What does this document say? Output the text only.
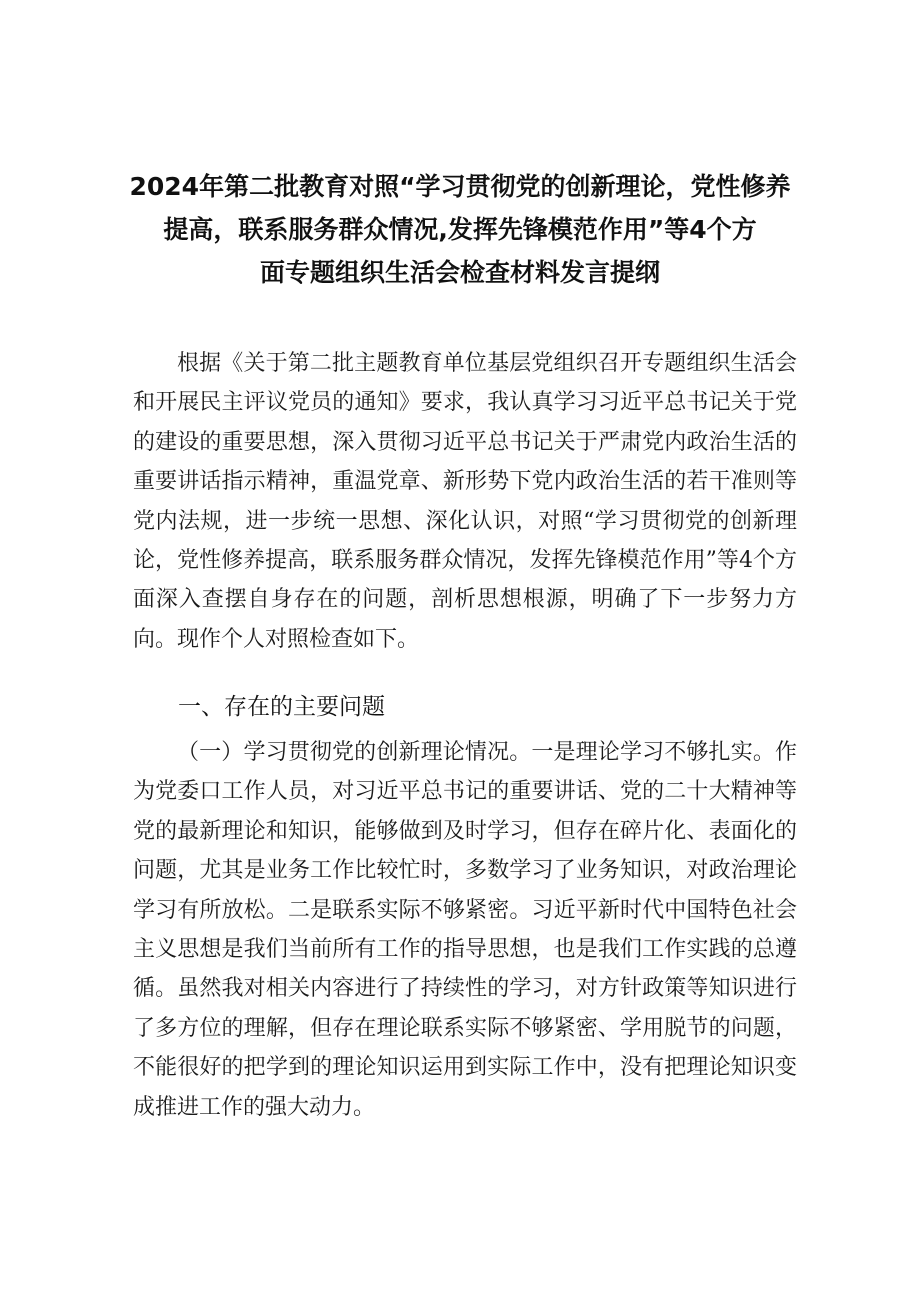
2024年第二批教育对照“学习贯彻党的创新理论，党性修养
提高，联系服务群众情况,发挥先锋模范作用”等4个方
面专题组织生活会检查材料发言提纲

根据《关于第二批主题教育单位基层党组织召开专题组织生活会和开展民主评议党员的通知》要求，我认真学习习近平总书记关于党的建设的重要思想，深入贯彻习近平总书记关于严肃党内政治生活的重要讲话指示精神，重温党章、新形势下党内政治生活的若干准则等党内法规，进一步统一思想、深化认识，对照“学习贯彻党的创新理论，党性修养提高，联系服务群众情况，发挥先锋模范作用”等4个方面深入查摆自身存在的问题，剖析思想根源，明确了下一步努力方向。现作个人对照检查如下。

一、存在的主要问题

（一）学习贯彻党的创新理论情况。一是理论学习不够扎实。作为党委口工作人员，对习近平总书记的重要讲话、党的二十大精神等党的最新理论和知识，能够做到及时学习，但存在碎片化、表面化的问题，尤其是业务工作比较忙时，多数学习了业务知识，对政治理论学习有所放松。二是联系实际不够紧密。习近平新时代中国特色社会主义思想是我们当前所有工作的指导思想，也是我们工作实践的总遵循。虽然我对相关内容进行了持续性的学习，对方针政策等知识进行了多方位的理解，但存在理论联系实际不够紧密、学用脱节的问题，不能很好的把学到的理论知识运用到实际工作中，没有把理论知识变成推进工作的强大动力。
